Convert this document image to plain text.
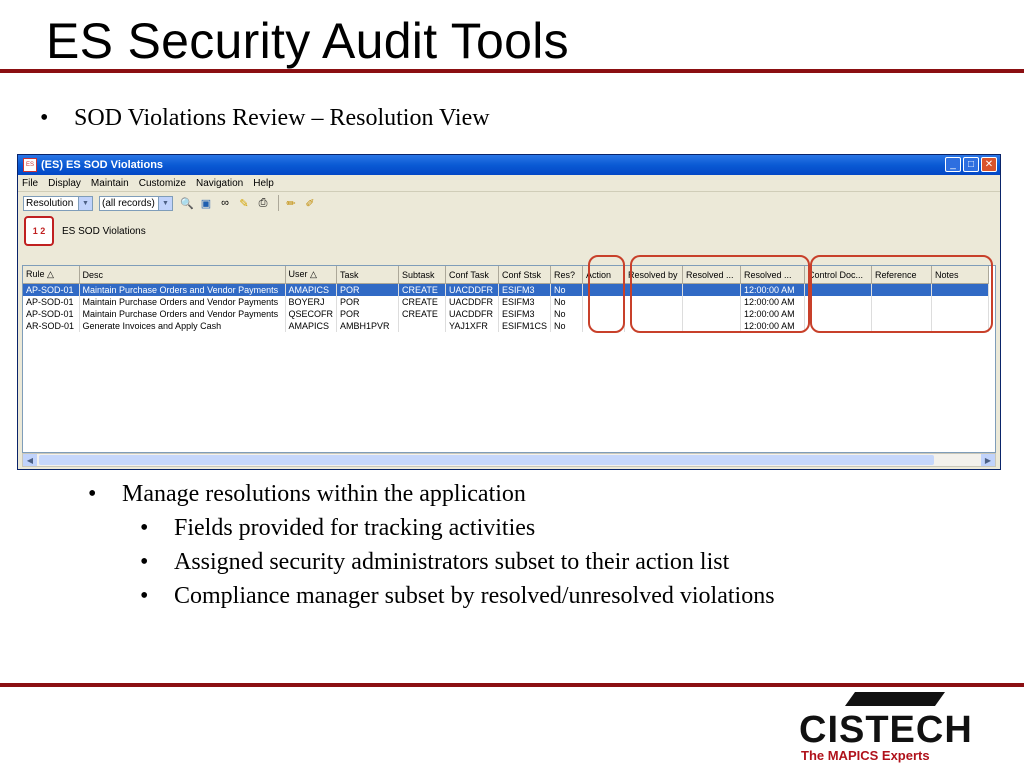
ES Security Audit Tools
• SOD Violations Review – Resolution View
ES (ES) ES SOD Violations	_	□	✕
File Display Maintain Customize Navigation Help
Resolution	▼	(all records)	▼ 🔍 ▣ ∞ ✎ ⎙	✏ ✐
1 2	ES SOD Violations
Rule △	Desc	User △	Task	Subtask	Conf Task	Conf Stsk	Res?	Action	Resolved by	Resolved ...	Resolved ...	Control Doc...	Reference	Notes
AP-SOD-01	Maintain Purchase Orders and Vendor Payments	AMAPICS	POR	CREATE	UACDDFR	ESIFM3	No				12:00:00 AM			
AP-SOD-01	Maintain Purchase Orders and Vendor Payments	BOYERJ	POR	CREATE	UACDDFR	ESIFM3	No				12:00:00 AM			
AP-SOD-01	Maintain Purchase Orders and Vendor Payments	QSECOFR	POR	CREATE	UACDDFR	ESIFM3	No				12:00:00 AM			
AR-SOD-01	Generate Invoices and Apply Cash	AMAPICS	AMBH1PVR		YAJ1XFR	ESIFM1CS	No				12:00:00 AM			
◀	▶
• Manage resolutions within the application
• Fields provided for tracking activities
• Assigned security administrators subset to their action list
• Compliance manager subset by resolved/unresolved violations
CISTECH
The MAPICS Experts
